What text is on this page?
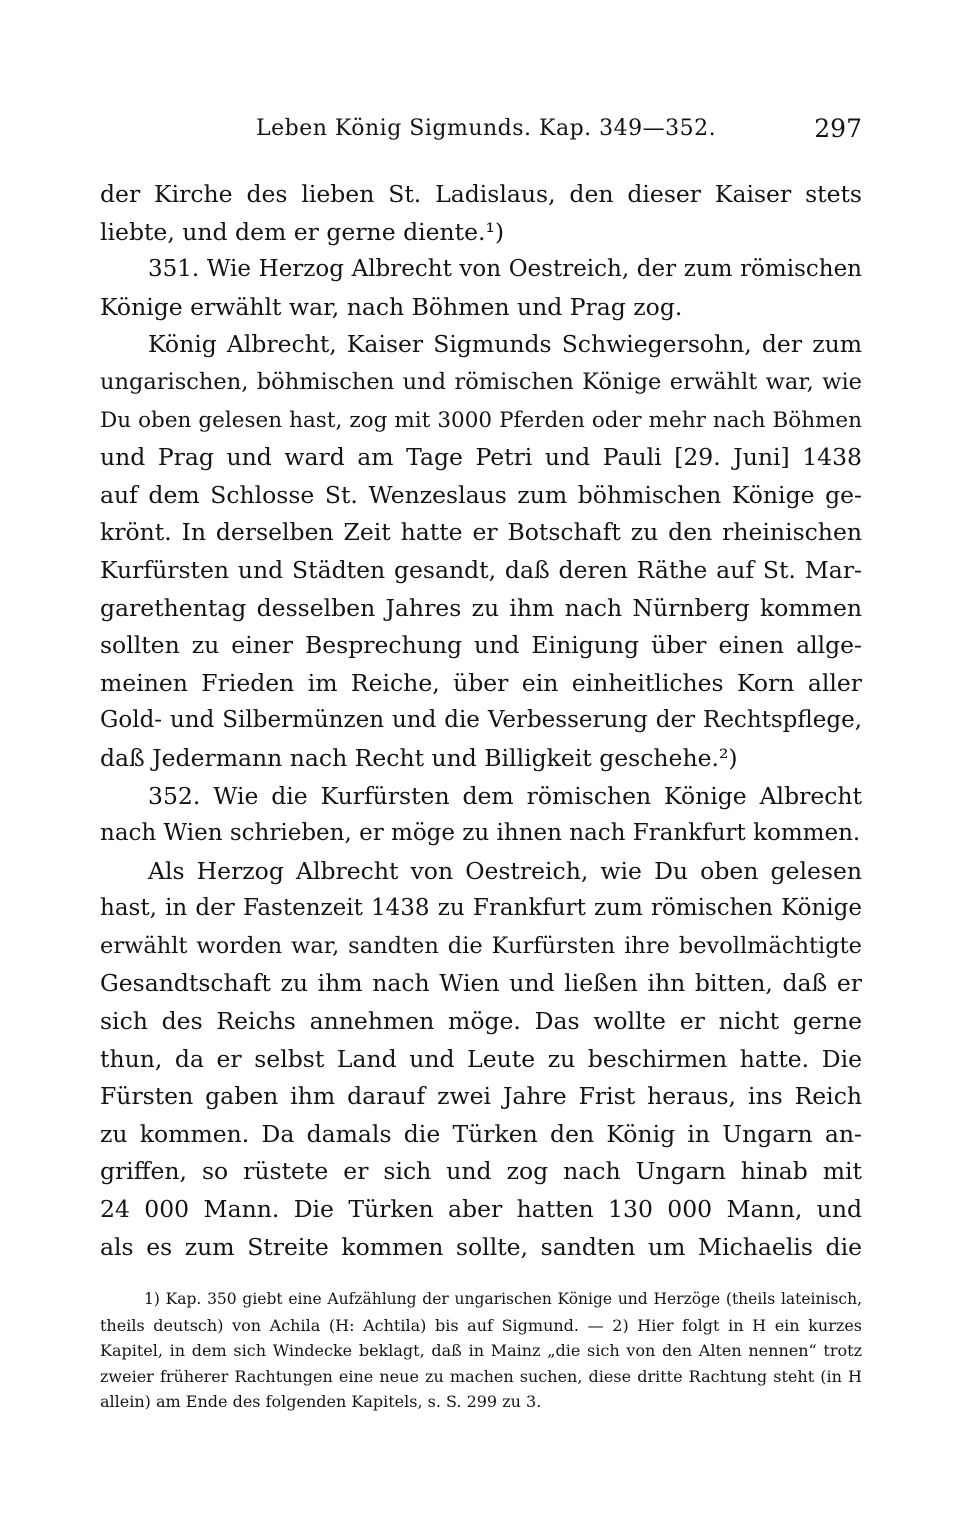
Leben König Sigmunds. Kap. 349—352.	297
der Kirche des lieben St. Ladislaus, den dieser Kaiser stets
liebte, und dem er gerne diente.¹)
351. Wie Herzog Albrecht von Oestreich, der zum römischen
Könige erwählt war, nach Böhmen und Prag zog.
König Albrecht, Kaiser Sigmunds Schwiegersohn, der zum
ungarischen, böhmischen und römischen Könige erwählt war, wie
Du oben gelesen hast, zog mit 3000 Pferden oder mehr nach Böhmen
und Prag und ward am Tage Petri und Pauli [29. Juni] 1438
auf dem Schlosse St. Wenzeslaus zum böhmischen Könige ge-
krönt. In derselben Zeit hatte er Botschaft zu den rheinischen
Kurfürsten und Städten gesandt, daß deren Räthe auf St. Mar-
garethentag desselben Jahres zu ihm nach Nürnberg kommen
sollten zu einer Besprechung und Einigung über einen allge-
meinen Frieden im Reiche, über ein einheitliches Korn aller
Gold- und Silbermünzen und die Verbesserung der Rechtspflege,
daß Jedermann nach Recht und Billigkeit geschehe.²)
352. Wie die Kurfürsten dem römischen Könige Albrecht
nach Wien schrieben, er möge zu ihnen nach Frankfurt kommen.
Als Herzog Albrecht von Oestreich, wie Du oben gelesen
hast, in der Fastenzeit 1438 zu Frankfurt zum römischen Könige
erwählt worden war, sandten die Kurfürsten ihre bevollmächtigte
Gesandtschaft zu ihm nach Wien und ließen ihn bitten, daß er
sich des Reichs annehmen möge. Das wollte er nicht gerne
thun, da er selbst Land und Leute zu beschirmen hatte. Die
Fürsten gaben ihm darauf zwei Jahre Frist heraus, ins Reich
zu kommen. Da damals die Türken den König in Ungarn an-
griffen, so rüstete er sich und zog nach Ungarn hinab mit
24 000 Mann. Die Türken aber hatten 130 000 Mann, und
als es zum Streite kommen sollte, sandten um Michaelis die
1) Kap. 350 giebt eine Aufzählung der ungarischen Könige und Herzöge (theils lateinisch,
theils deutsch) von Achila (H: Achtila) bis auf Sigmund. — 2) Hier folgt in H ein kurzes
Kapitel, in dem sich Windecke beklagt, daß in Mainz „die sich von den Alten nennen“ trotz
zweier früherer Rachtungen eine neue zu machen suchen, diese dritte Rachtung steht (in H
allein) am Ende des folgenden Kapitels, s. S. 299 zu 3.
